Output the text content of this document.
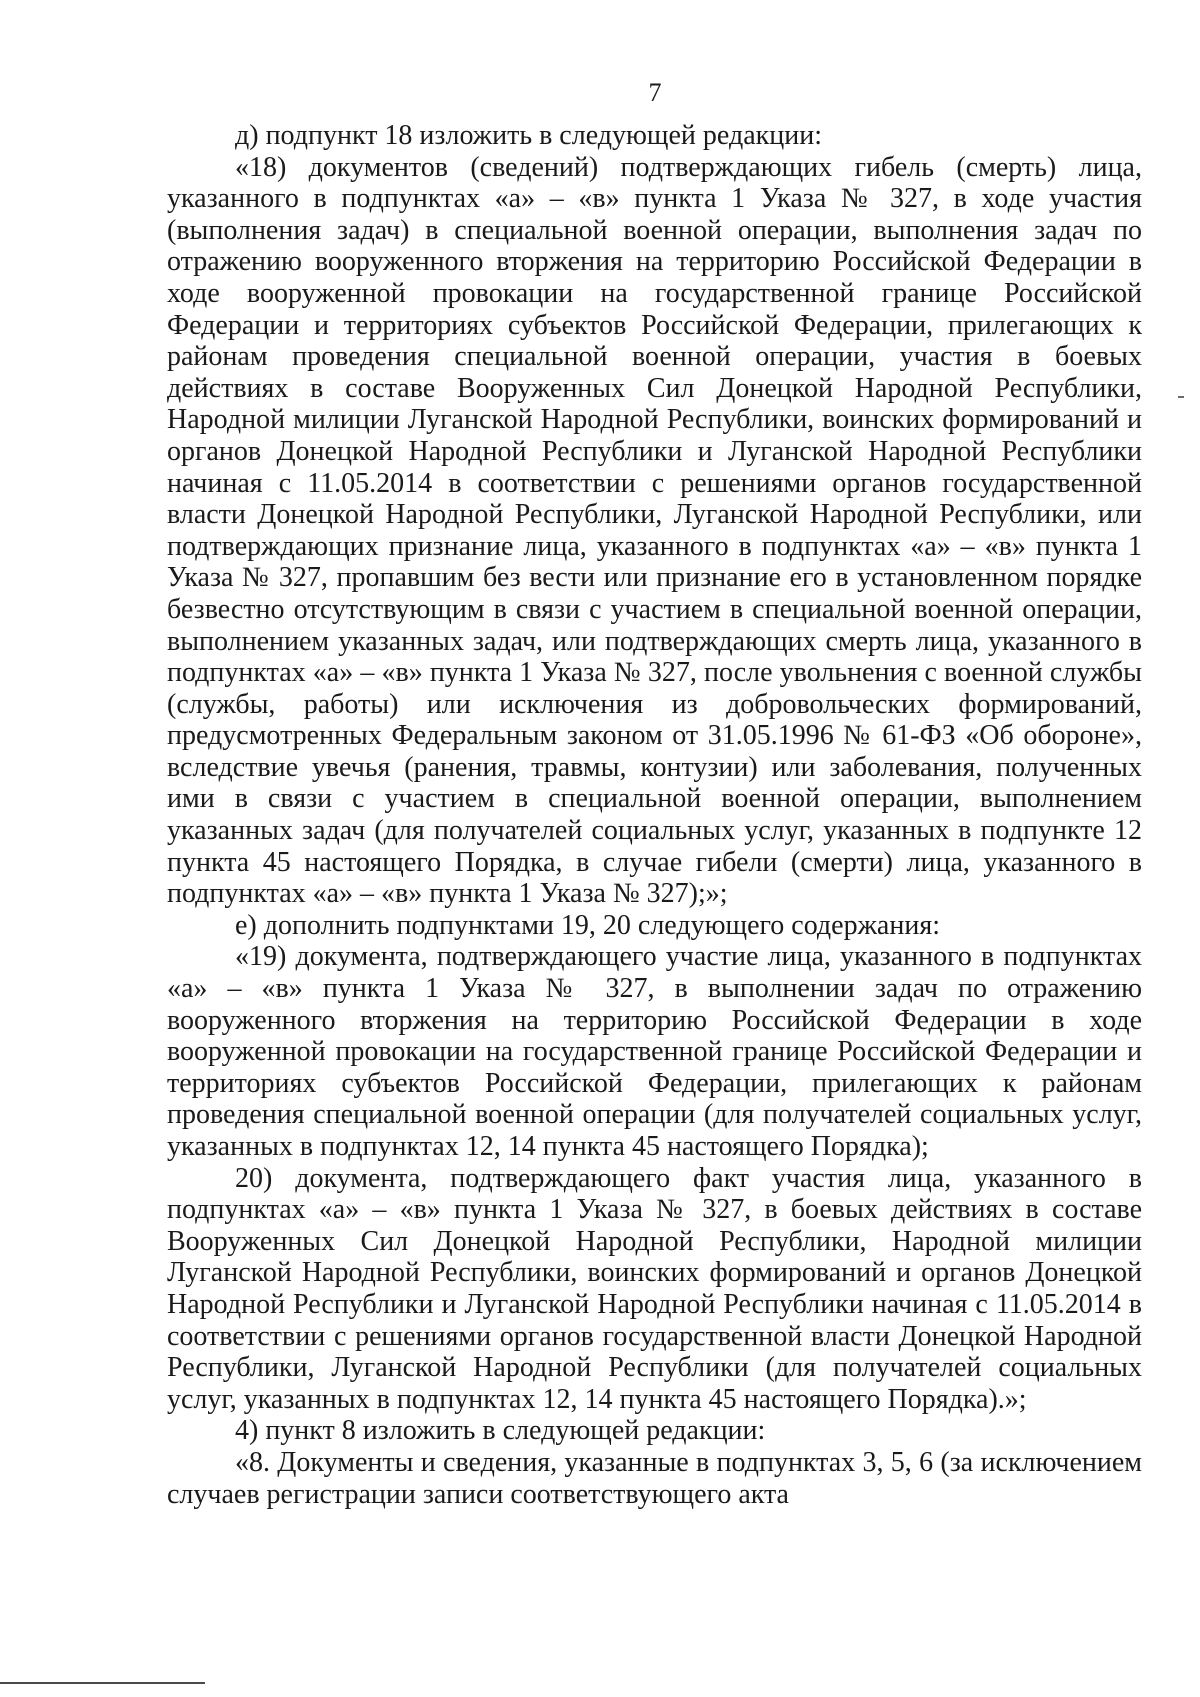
7

д) подпункт 18 изложить в следующей редакции:

«18) документов (сведений) подтверждающих гибель (смерть) лица, указанного в подпунктах «а» – «в» пункта 1 Указа № 327, в ходе участия (выполнения задач) в специальной военной операции, выполнения задач по отражению вооруженного вторжения на территорию Российской Федерации в ходе вооруженной провокации на государственной границе Российской Федерации и территориях субъектов Российской Федерации, прилегающих к районам проведения специальной военной операции, участия в боевых действиях в составе Вооруженных Сил Донецкой Народной Республики, Народной милиции Луганской Народной Республики, воинских формирований и органов Донецкой Народной Республики и Луганской Народной Республики начиная с 11.05.2014 в соответствии с решениями органов государственной власти Донецкой Народной Республики, Луганской Народной Республики, или подтверждающих признание лица, указанного в подпунктах «а» – «в» пункта 1 Указа № 327, пропавшим без вести или признание его в установленном порядке безвестно отсутствующим в связи с участием в специальной военной операции, выполнением указанных задач, или подтверждающих смерть лица, указанного в подпунктах «а» – «в» пункта 1 Указа № 327, после увольнения с военной службы (службы, работы) или исключения из добровольческих формирований, предусмотренных Федеральным законом от 31.05.1996 № 61-ФЗ «Об обороне», вследствие увечья (ранения, травмы, контузии) или заболевания, полученных ими в связи с участием в специальной военной операции, выполнением указанных задач (для получателей социальных услуг, указанных в подпункте 12 пункта 45 настоящего Порядка, в случае гибели (смерти) лица, указанного в подпунктах «а» – «в» пункта 1 Указа № 327);»;

е) дополнить подпунктами 19, 20 следующего содержания:

«19) документа, подтверждающего участие лица, указанного в подпунктах «а» – «в» пункта 1 Указа № 327, в выполнении задач по отражению вооруженного вторжения на территорию Российской Федерации в ходе вооруженной провокации на государственной границе Российской Федерации и территориях субъектов Российской Федерации, прилегающих к районам проведения специальной военной операции (для получателей социальных услуг, указанных в подпунктах 12, 14 пункта 45 настоящего Порядка);

20) документа, подтверждающего факт участия лица, указанного в подпунктах «а» – «в» пункта 1 Указа № 327, в боевых действиях в составе Вооруженных Сил Донецкой Народной Республики, Народной милиции Луганской Народной Республики, воинских формирований и органов Донецкой Народной Республики и Луганской Народной Республики начиная с 11.05.2014 в соответствии с решениями органов государственной власти Донецкой Народной Республики, Луганской Народной Республики (для получателей социальных услуг, указанных в подпунктах 12, 14 пункта 45 настоящего Порядка).»;

4) пункт 8 изложить в следующей редакции:

«8. Документы и сведения, указанные в подпунктах 3, 5, 6 (за исключением случаев регистрации записи соответствующего акта
